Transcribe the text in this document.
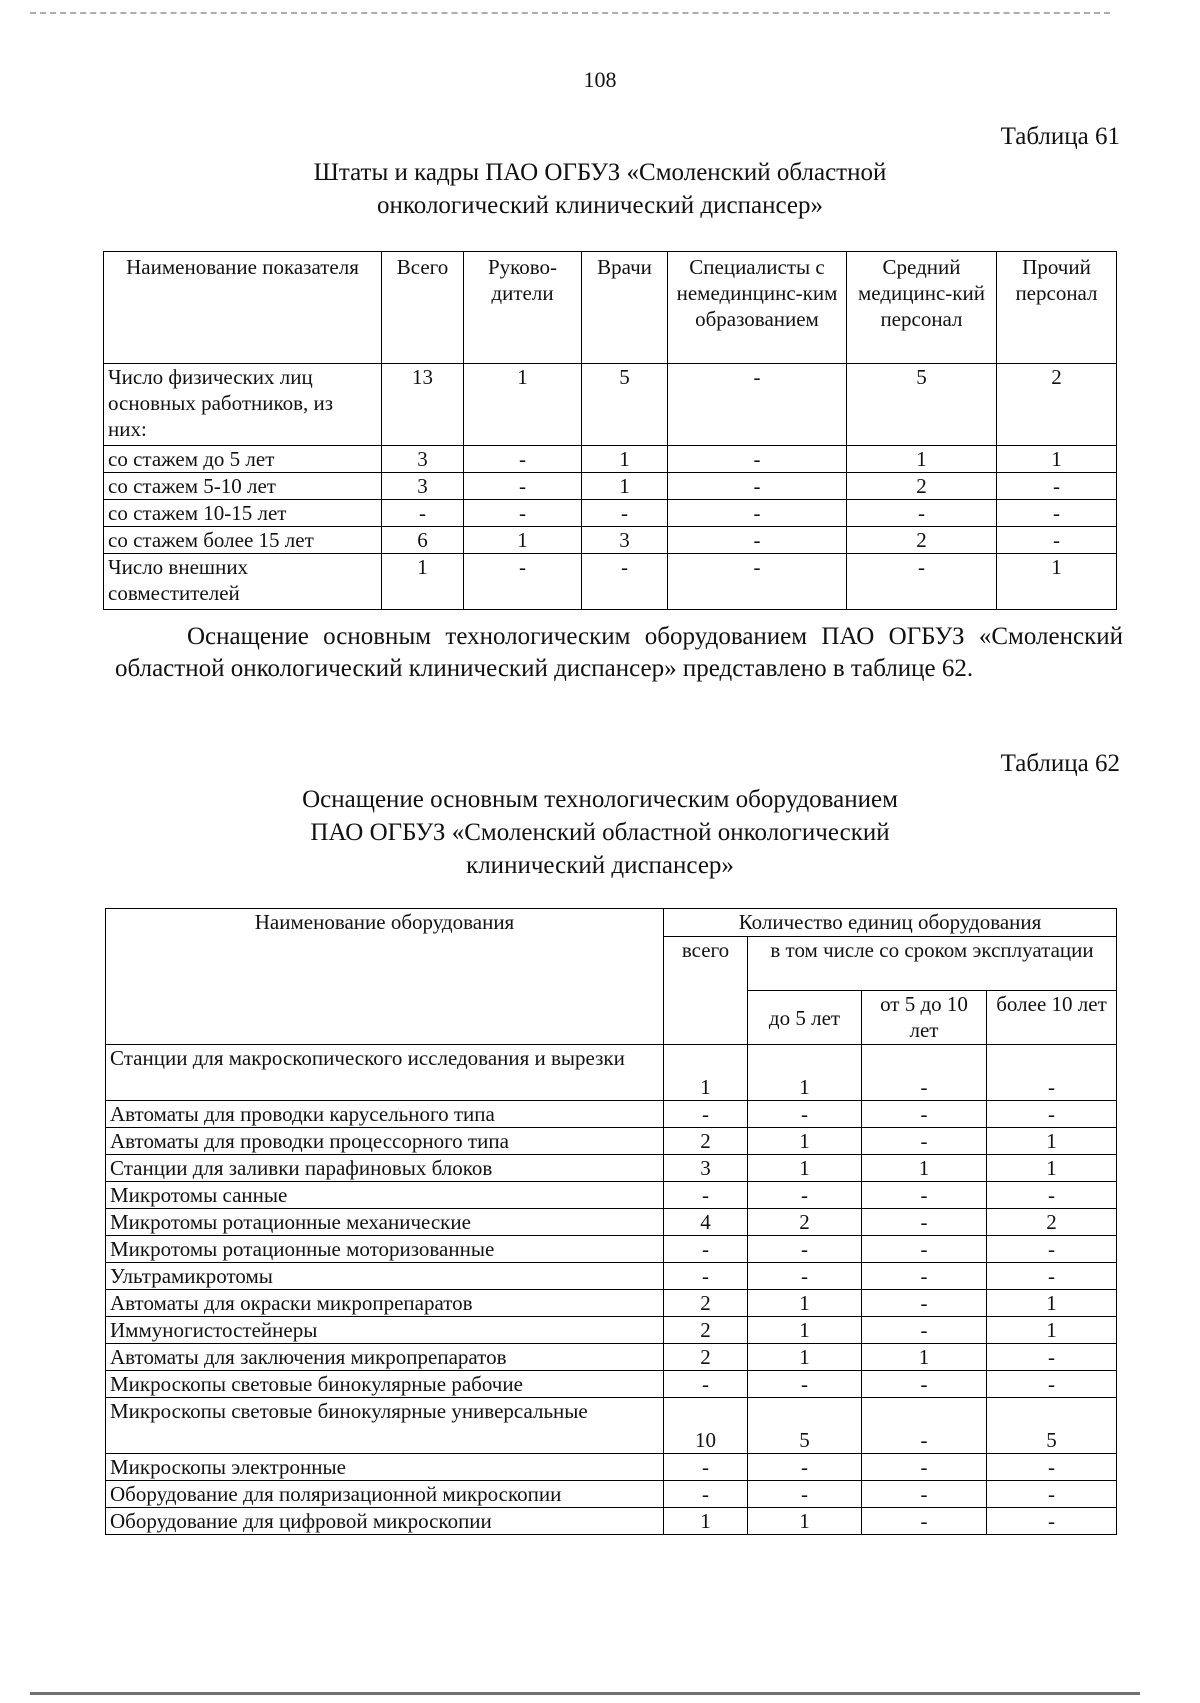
108
Таблица 61
Штаты и кадры ПАО ОГБУЗ «Смоленский областной
онкологический клинический диспансер»
Наименование показателя	Всего	Руково-дители	Врачи	Специалисты с немединцинс-ким образованием	Средний медицинс-кий персонал	Прочий персонал
Число физических лиц основных работников, из них:	13	1	5	-	5	2
со стажем до 5 лет	3	-	1	-	1	1
со стажем 5-10 лет	3	-	1	-	2	-
со стажем 10-15 лет	-	-	-	-	-	-
со стажем более 15 лет	6	1	3	-	2	-
Число внешних совместителей	1	-	-	-	-	1
Оснащение основным технологическим оборудованием ПАО ОГБУЗ «Смоленский областной онкологический клинический диспансер» представлено в таблице 62.
Таблица 62
Оснащение основным технологическим оборудованием
ПАО ОГБУЗ «Смоленский областной онкологический
клинический диспансер»
Наименование оборудования	Количество единиц оборудования			
	всего	в том числе со сроком эксплуатации		
		до 5 лет	от 5 до 10 лет	более 10 лет
Станции для макроскопического исследования и вырезки	1	1	-	-
Автоматы для проводки карусельного типа	-	-	-	-
Автоматы для проводки процессорного типа	2	1	-	1
Станции для заливки парафиновых блоков	3	1	1	1
Микротомы санные	-	-	-	-
Микротомы ротационные механические	4	2	-	2
Микротомы ротационные моторизованные	-	-	-	-
Ультрамикротомы	-	-	-	-
Автоматы для окраски микропрепаратов	2	1	-	1
Иммуногистостейнеры	2	1	-	1
Автоматы для заключения микропрепаратов	2	1	1	-
Микроскопы световые бинокулярные рабочие	-	-	-	-
Микроскопы световые бинокулярные универсальные	10	5	-	5
Микроскопы электронные	-	-	-	-
Оборудование для поляризационной микроскопии	-	-	-	-
Оборудование для цифровой микроскопии	1	1	-	-
